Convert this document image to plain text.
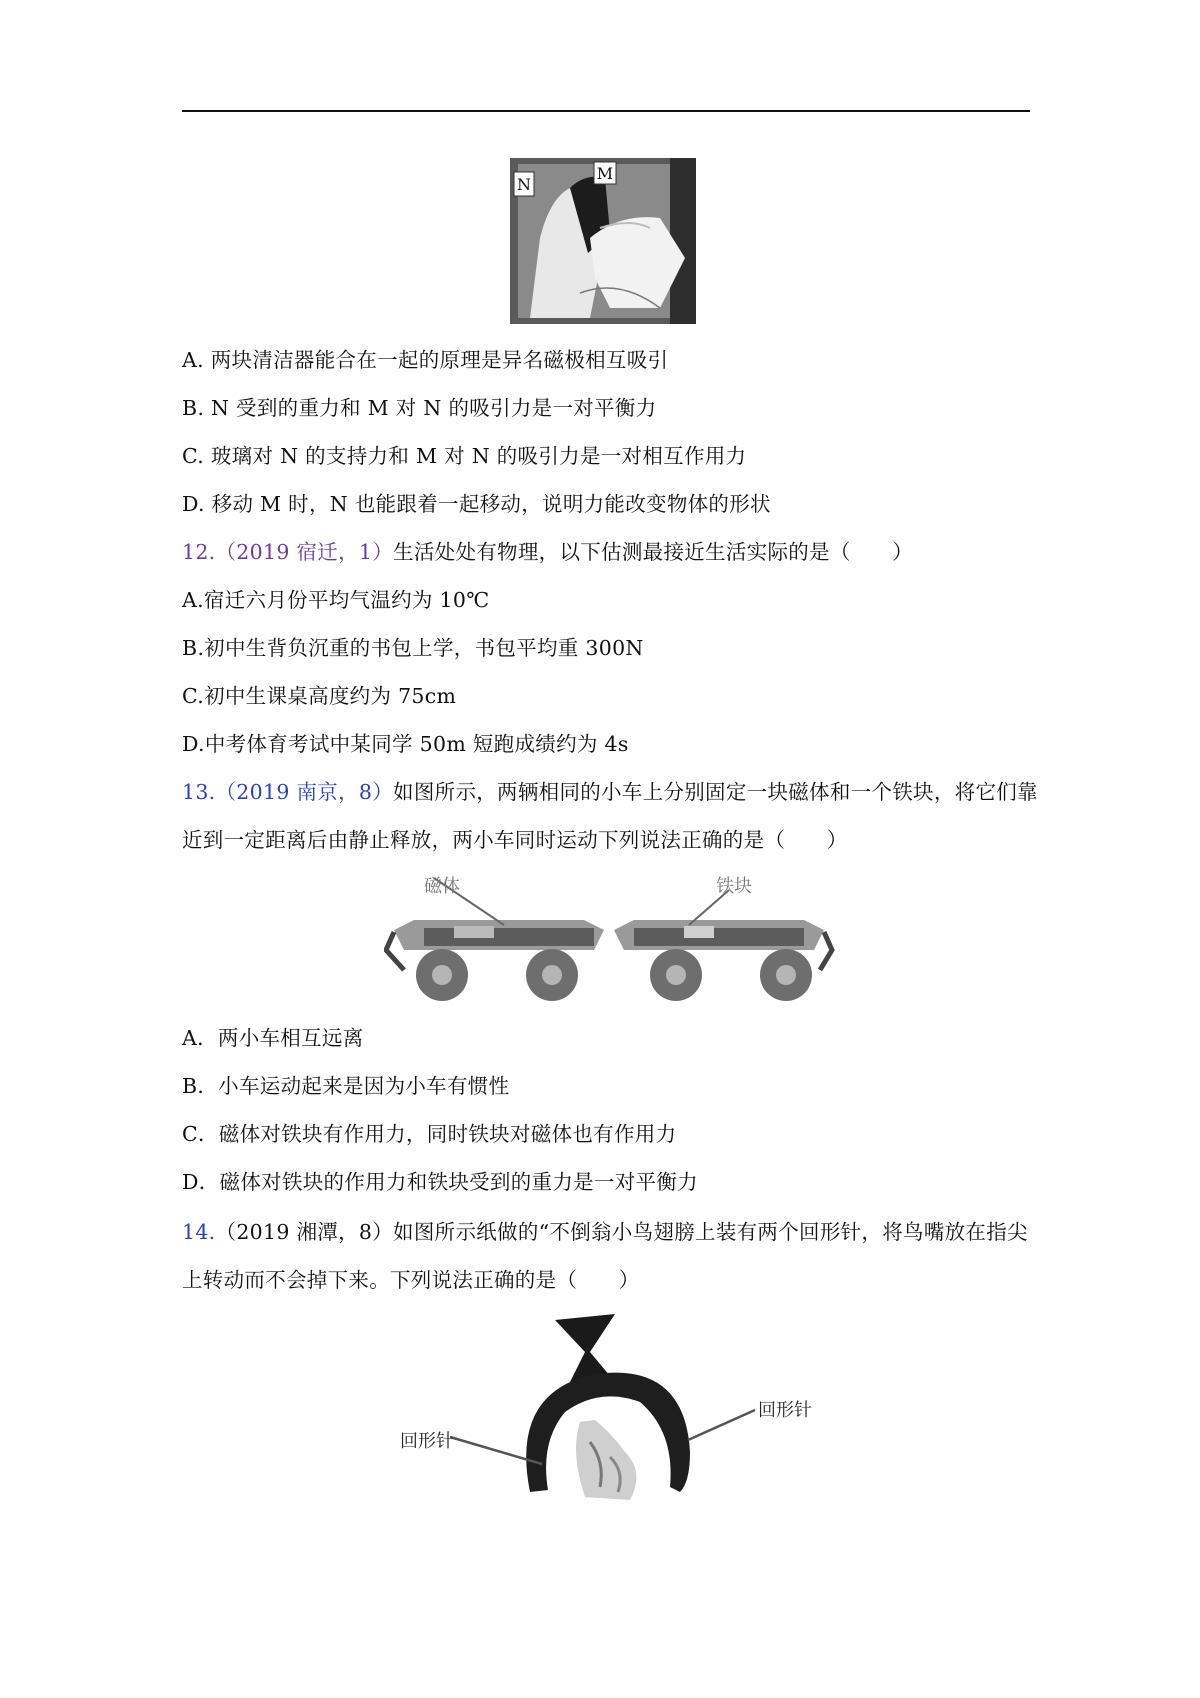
N
M
A. 两块清洁器能合在一起的原理是异名磁极相互吸引
B. N 受到的重力和 M 对 N 的吸引力是一对平衡力
C. 玻璃对 N 的支持力和 M 对 N 的吸引力是一对相互作用力
D. 移动 M 时，N 也能跟着一起移动，说明力能改变物体的形状
12.（2019 宿迁，1）生活处处有物理，以下估测最接近生活实际的是（　　）
A.宿迁六月份平均气温约为 10℃
B.初中生背负沉重的书包上学，书包平均重 300N
C.初中生课桌高度约为 75cm
D.中考体育考试中某同学 50m 短跑成绩约为 4s
13.（2019 南京，8）如图所示，两辆相同的小车上分别固定一块磁体和一个铁块，将它们靠
近到一定距离后由静止释放，两小车同时运动下列说法正确的是（　　）
磁体	铁块
A．两小车相互远离
B．小车运动起来是因为小车有惯性
C．磁体对铁块有作用力，同时铁块对磁体也有作用力
D．磁体对铁块的作用力和铁块受到的重力是一对平衡力
14.（2019 湘潭，8）如图所示纸做的“不倒翁小鸟翅膀上装有两个回形针，将鸟嘴放在指尖
上转动而不会掉下来。下列说法正确的是（　　）
回形针
回形针
